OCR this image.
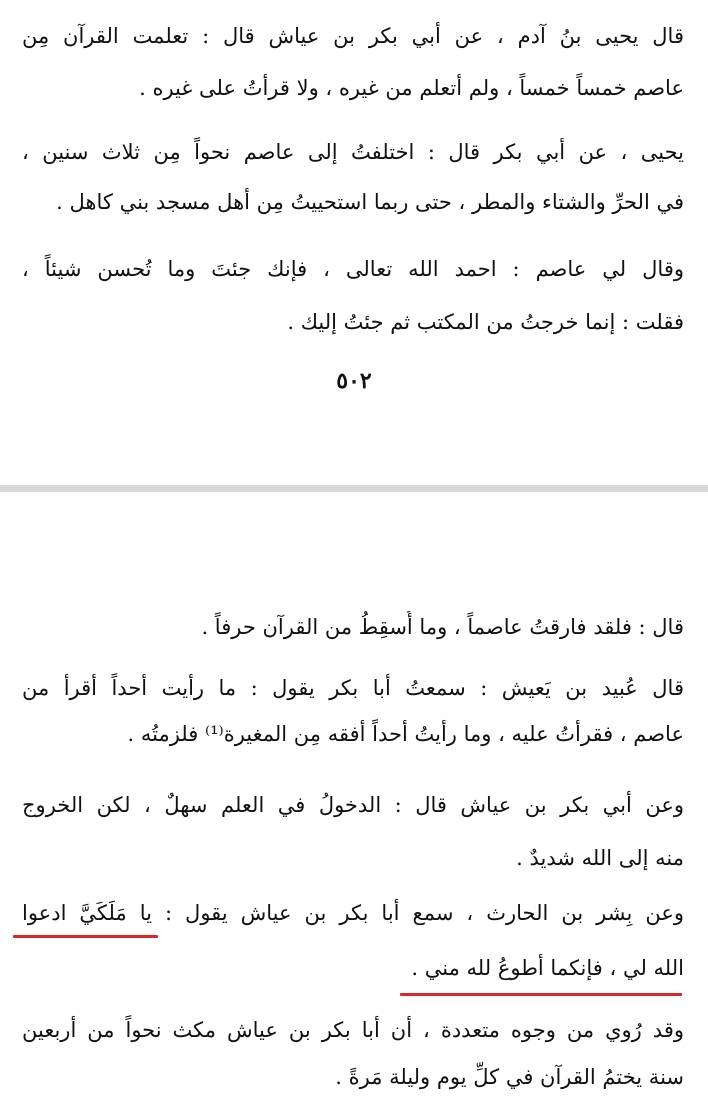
قال يحيى بنُ آدم ، عن أبي بكر بن عياش قال : تعلمت القرآن مِن
عاصم خمساً خمساً ، ولم أتعلم من غيره ، ولا قرأتُ على غيره .
يحيى ، عن أبي بكر قال : اختلفتُ إلى عاصم نحواً مِن ثلاث سنين ،
في الحرِّ والشتاء والمطر ، حتى ربما استحييتُ مِن أهل مسجد بني كاهل .
وقال لي عاصم : احمد الله تعالى ، فإنك جئتَ وما تُحسن شيئاً ،
فقلت : إنما خرجتُ من المكتب ثم جئتُ إليك .
٥٠٢
قال : فلقد فارقتُ عاصماً ، وما أُسقِطُ من القرآن حرفاً .
قال عُبيد بن يَعيش : سمعتُ أبا بكر يقول : ما رأيت أحداً أقرأ من
عاصم ، فقرأتُ عليه ، وما رأيتُ أحداً أفقه مِن المغيرة⁽¹⁾ فلزمتُه .
وعن أبي بكر بن عياش قال : الدخولُ في العلم سهلٌ ، لكن الخروج
منه إلى الله شديدٌ .
وعن بِشر بن الحارث ، سمع أبا بكر بن عياش يقول : يا مَلَكَيَّ ادعوا
الله لي ، فإنكما أطوعُ لله مني .
وقد رُوي من وجوه متعددة ، أن أبا بكر بن عياش مكث نحواً من أربعين
سنة يختمُ القرآن في كلِّ يوم وليلة مَرةً .
